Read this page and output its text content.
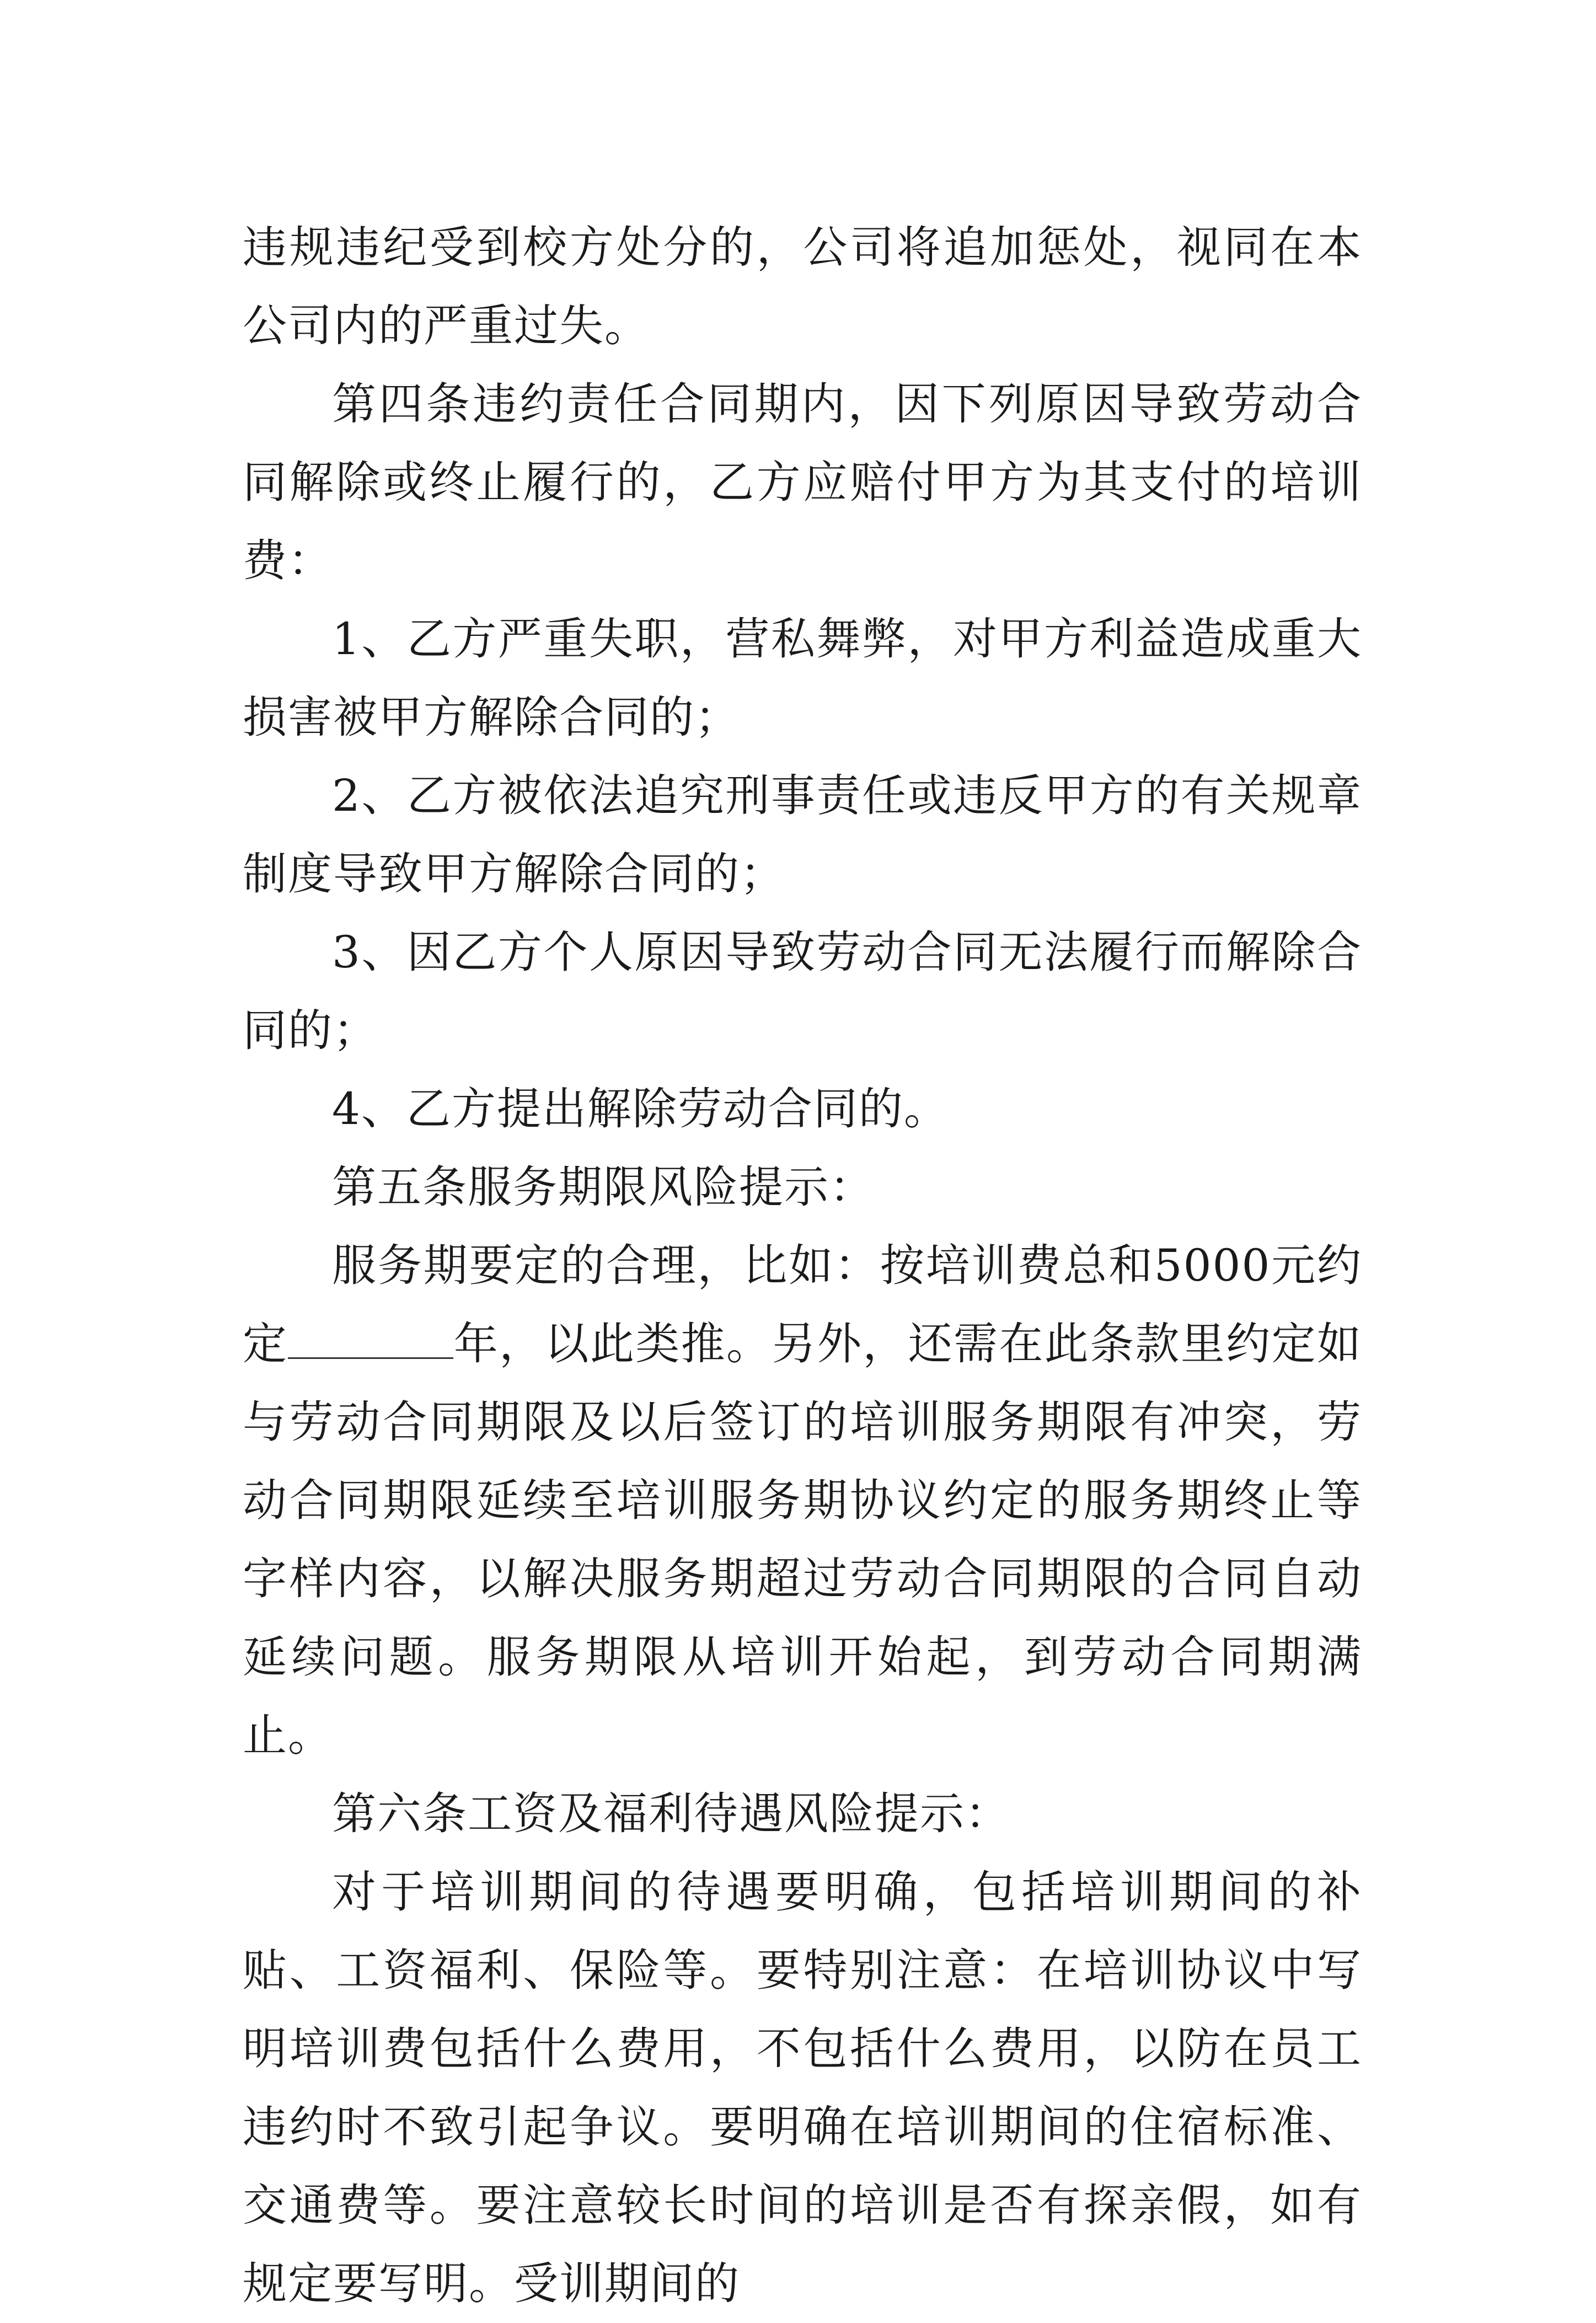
违规违纪受到校方处分的，公司将追加惩处，视同在本公司内的严重过失。

第四条违约责任合同期内，因下列原因导致劳动合同解除或终止履行的，乙方应赔付甲方为其支付的培训费：

1、乙方严重失职，营私舞弊，对甲方利益造成重大损害被甲方解除合同的；

2、乙方被依法追究刑事责任或违反甲方的有关规章制度导致甲方解除合同的；

3、因乙方个人原因导致劳动合同无法履行而解除合同的；

4、乙方提出解除劳动合同的。

第五条服务期限风险提示：

服务期要定的合理，比如：按培训费总和5000元约定	年，以此类推。另外，还需在此条款里约定如与劳动合同期限及以后签订的培训服务期限有冲突，劳动合同期限延续至培训服务期协议约定的服务期终止等字样内容，以解决服务期超过劳动合同期限的合同自动延续问题。服务期限从培训开始起，到劳动合同期满止。

第六条工资及福利待遇风险提示：

对于培训期间的待遇要明确，包括培训期间的补贴、工资福利、保险等。要特别注意：在培训协议中写明培训费包括什么费用，不包括什么费用，以防在员工违约时不致引起争议。要明确在培训期间的住宿标准、交通费等。要注意较长时间的培训是否有探亲假，如有规定要写明。受训期间的
